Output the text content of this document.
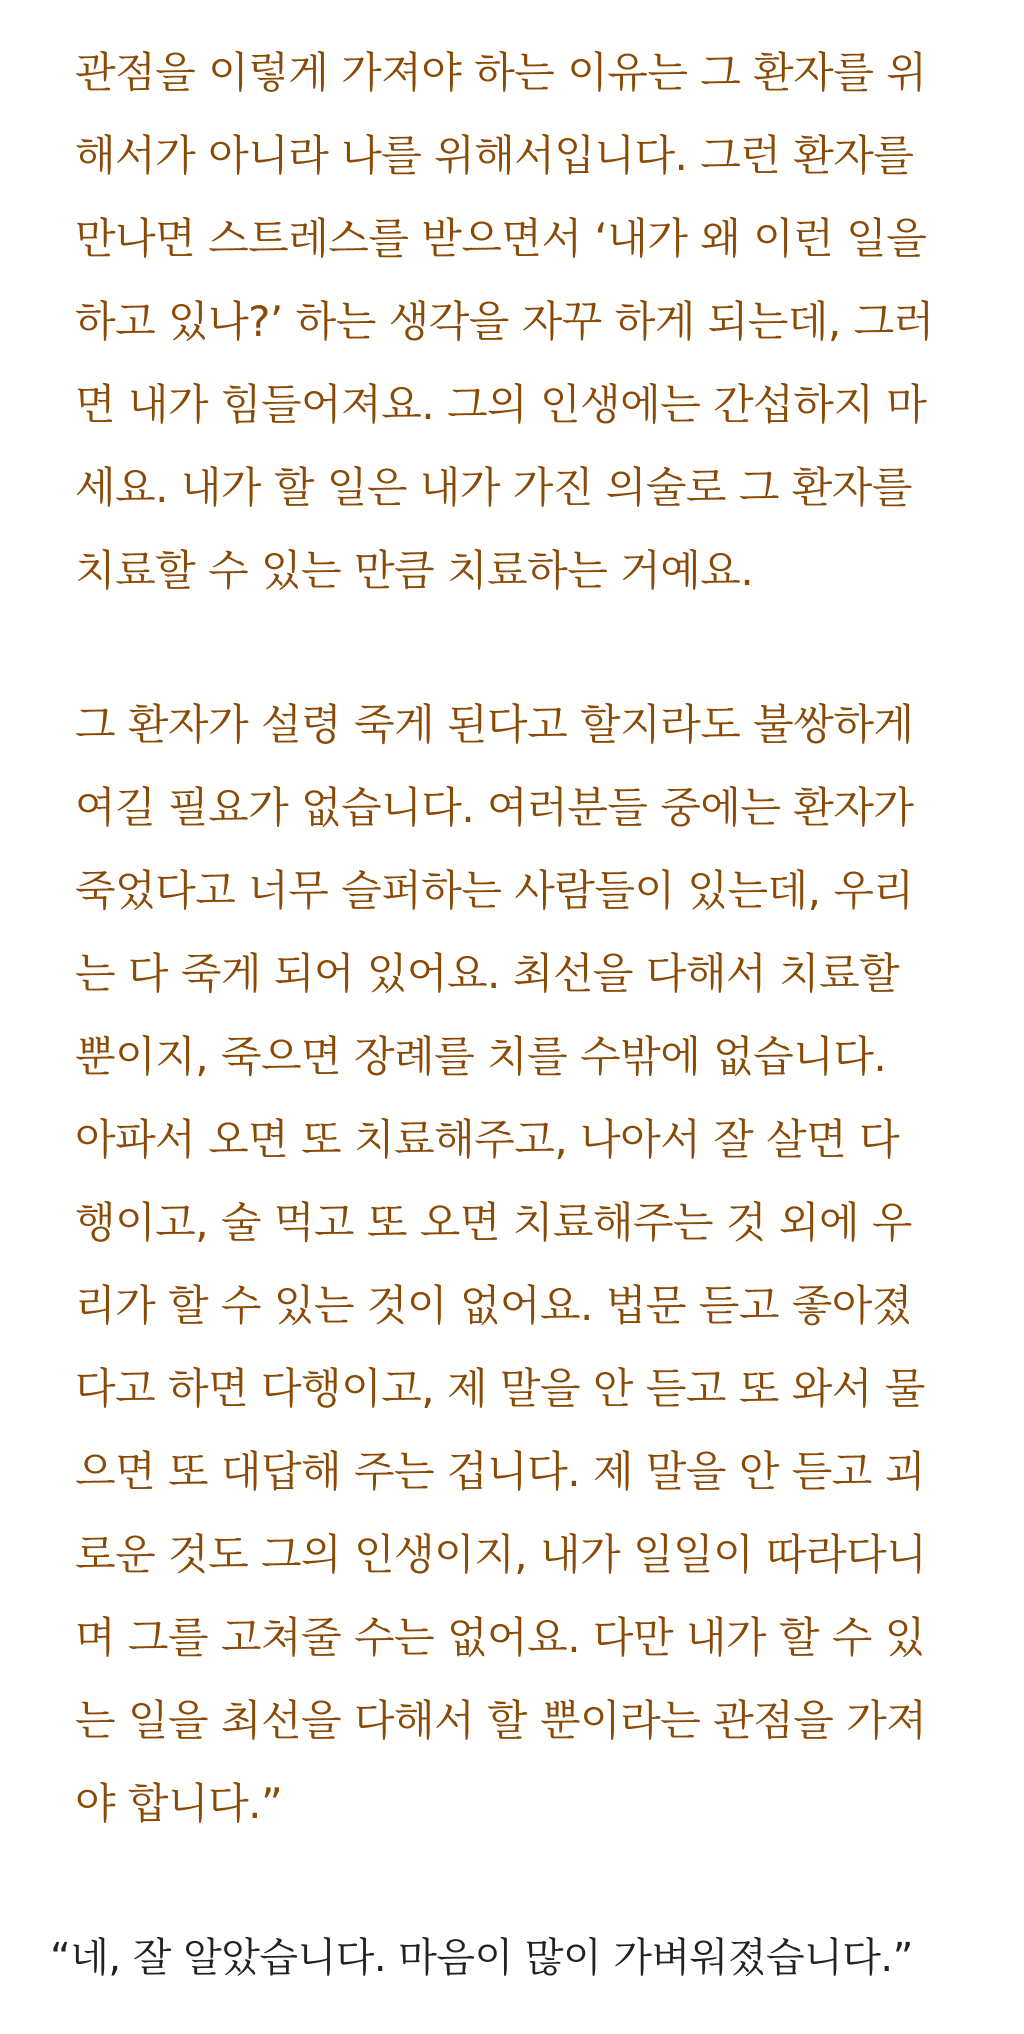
관점을 이렇게 가져야 하는 이유는 그 환자를 위
해서가 아니라 나를 위해서입니다. 그런 환자를
만나면 스트레스를 받으면서 ‘내가 왜 이런 일을
하고 있나?’ 하는 생각을 자꾸 하게 되는데, 그러
면 내가 힘들어져요. 그의 인생에는 간섭하지 마
세요. 내가 할 일은 내가 가진 의술로 그 환자를
치료할 수 있는 만큼 치료하는 거예요.
그 환자가 설령 죽게 된다고 할지라도 불쌍하게
여길 필요가 없습니다. 여러분들 중에는 환자가
죽었다고 너무 슬퍼하는 사람들이 있는데, 우리
는 다 죽게 되어 있어요. 최선을 다해서 치료할
뿐이지, 죽으면 장례를 치를 수밖에 없습니다.
아파서 오면 또 치료해주고, 나아서 잘 살면 다
행이고, 술 먹고 또 오면 치료해주는 것 외에 우
리가 할 수 있는 것이 없어요. 법문 듣고 좋아졌
다고 하면 다행이고, 제 말을 안 듣고 또 와서 물
으면 또 대답해 주는 겁니다. 제 말을 안 듣고 괴
로운 것도 그의 인생이지, 내가 일일이 따라다니
며 그를 고쳐줄 수는 없어요. 다만 내가 할 수 있
는 일을 최선을 다해서 할 뿐이라는 관점을 가져
야 합니다.”
“네, 잘 알았습니다. 마음이 많이 가벼워졌습니다.”
